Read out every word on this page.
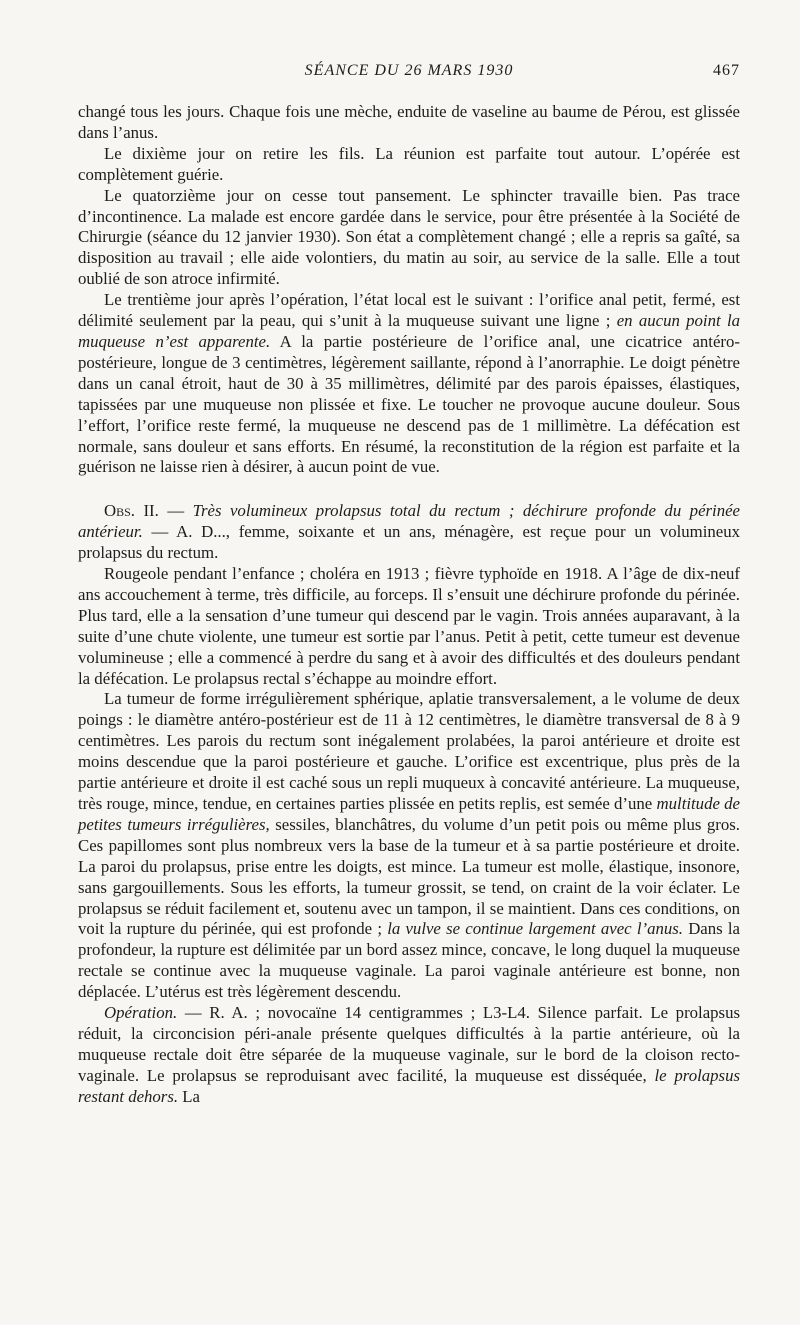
SÉANCE DU 26 MARS 1930	467

changé tous les jours. Chaque fois une mèche, enduite de vaseline au baume de Pérou, est glissée dans l’anus.

Le dixième jour on retire les fils. La réunion est parfaite tout autour. L’opérée est complètement guérie.

Le quatorzième jour on cesse tout pansement. Le sphincter travaille bien. Pas trace d’incontinence. La malade est encore gardée dans le service, pour être présentée à la Société de Chirurgie (séance du 12 janvier 1930). Son état a complètement changé ; elle a repris sa gaîté, sa disposition au travail ; elle aide volontiers, du matin au soir, au service de la salle. Elle a tout oublié de son atroce infirmité.

Le trentième jour après l’opération, l’état local est le suivant : l’orifice anal petit, fermé, est délimité seulement par la peau, qui s’unit à la muqueuse suivant une ligne ; en aucun point la muqueuse n’est apparente. A la partie postérieure de l’orifice anal, une cicatrice antéro-postérieure, longue de 3 centimètres, légèrement saillante, répond à l’anorraphie. Le doigt pénètre dans un canal étroit, haut de 30 à 35 millimètres, délimité par des parois épaisses, élastiques, tapissées par une muqueuse non plissée et fixe. Le toucher ne provoque aucune douleur. Sous l’effort, l’orifice reste fermé, la muqueuse ne descend pas de 1 millimètre. La défécation est normale, sans douleur et sans efforts. En résumé, la reconstitution de la région est parfaite et la guérison ne laisse rien à désirer, à aucun point de vue.

Obs. II. — Très volumineux prolapsus total du rectum ; déchirure profonde du périnée antérieur. — A. D..., femme, soixante et un ans, ménagère, est reçue pour un volumineux prolapsus du rectum.

Rougeole pendant l’enfance ; choléra en 1913 ; fièvre typhoïde en 1918. A l’âge de dix-neuf ans accouchement à terme, très difficile, au forceps. Il s’ensuit une déchirure profonde du périnée. Plus tard, elle a la sensation d’une tumeur qui descend par le vagin. Trois années auparavant, à la suite d’une chute violente, une tumeur est sortie par l’anus. Petit à petit, cette tumeur est devenue volumineuse ; elle a commencé à perdre du sang et à avoir des difficultés et des douleurs pendant la défécation. Le prolapsus rectal s’échappe au moindre effort.

La tumeur de forme irrégulièrement sphérique, aplatie transversalement, a le volume de deux poings : le diamètre antéro-postérieur est de 11 à 12 centimètres, le diamètre transversal de 8 à 9 centimètres. Les parois du rectum sont inégalement prolabées, la paroi antérieure et droite est moins descendue que la paroi postérieure et gauche. L’orifice est excentrique, plus près de la partie antérieure et droite il est caché sous un repli muqueux à concavité antérieure. La muqueuse, très rouge, mince, tendue, en certaines parties plissée en petits replis, est semée d’une multitude de petites tumeurs irrégulières, sessiles, blanchâtres, du volume d’un petit pois ou même plus gros. Ces papillomes sont plus nombreux vers la base de la tumeur et à sa partie postérieure et droite. La paroi du prolapsus, prise entre les doigts, est mince. La tumeur est molle, élastique, insonore, sans gargouillements. Sous les efforts, la tumeur grossit, se tend, on craint de la voir éclater. Le prolapsus se réduit facilement et, soutenu avec un tampon, il se maintient. Dans ces conditions, on voit la rupture du périnée, qui est profonde ; la vulve se continue largement avec l’anus. Dans la profondeur, la rupture est délimitée par un bord assez mince, concave, le long duquel la muqueuse rectale se continue avec la muqueuse vaginale. La paroi vaginale antérieure est bonne, non déplacée. L’utérus est très légèrement descendu.

Opération. — R. A. ; novocaïne 14 centigrammes ; L3-L4. Silence parfait. Le prolapsus réduit, la circoncision péri-anale présente quelques difficultés à la partie antérieure, où la muqueuse rectale doit être séparée de la muqueuse vaginale, sur le bord de la cloison recto-vaginale. Le prolapsus se reproduisant avec facilité, la muqueuse est disséquée, le prolapsus restant dehors. La
